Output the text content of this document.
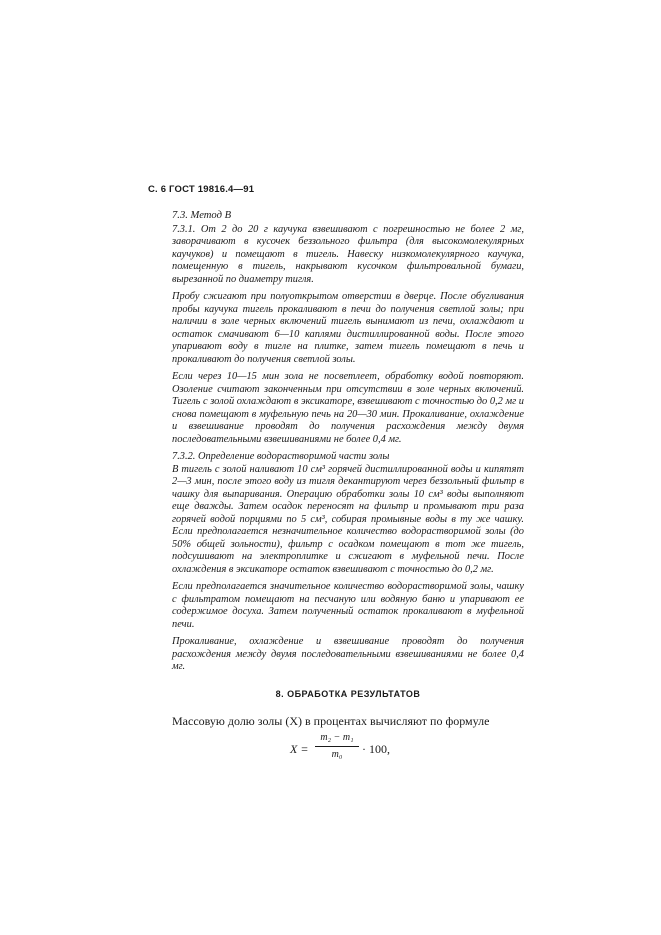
С. 6 ГОСТ 19816.4—91

7.3. Метод В

7.3.1. От 2 до 20 г каучука взвешивают с погрешностью не более 2 мг, заворачивают в кусочек беззольного фильтра (для высокомолекулярных каучуков) и помещают в тигель. Навеску низкомолекулярного каучука, помещенную в тигель, накрывают кусочком фильтровальной бумаги, вырезанной по диаметру тигля.

Пробу сжигают при полуоткрытом отверстии в дверце. После обугливания пробы каучука тигель прокаливают в печи до получения светлой золы; при наличии в золе черных включений тигель вынимают из печи, охлаждают и остаток смачивают 6—10 каплями дистиллированной воды. После этого упаривают воду в тигле на плитке, затем тигель помещают в печь и прокаливают до получения светлой золы.

Если через 10—15 мин зола не посветлеет, обработку водой повторяют. Озоление считают законченным при отсутствии в золе черных включений. Тигель с золой охлаждают в эксикаторе, взвешивают с точностью до 0,2 мг и снова помещают в муфельную печь на 20—30 мин. Прокаливание, охлаждение и взвешивание проводят до получения расхождения между двумя последовательными взвешиваниями не более 0,4 мг.

7.3.2. Определение водорастворимой части золы

В тигель с золой наливают 10 см³ горячей дистиллированной воды и кипятят 2—3 мин, после этого воду из тигля декантируют через беззольный фильтр в чашку для выпаривания. Операцию обработки золы 10 см³ воды выполняют еще дважды. Затем осадок переносят на фильтр и промывают три раза горячей водой порциями по 5 см³, собирая промывные воды в ту же чашку. Если предполагается незначительное количество водорастворимой золы (до 50% общей зольности), фильтр с осадком помещают в тот же тигель, подсушивают на электроплитке и сжигают в муфельной печи. После охлаждения в эксикаторе остаток взвешивают с точностью до 0,2 мг.

Если предполагается значительное количество водорастворимой золы, чашку с фильтратом помещают на песчаную или водяную баню и упаривают ее содержимое досуха. Затем полученный остаток прокаливают в муфельной печи.

Прокаливание, охлаждение и взвешивание проводят до получения расхождения между двумя последовательными взвешиваниями не более 0,4 мг.

8. ОБРАБОТКА РЕЗУЛЬТАТОВ

Массовую долю золы (X) в процентах вычисляют по формуле

X =
m₂ − m₁
m₀	· 100,
